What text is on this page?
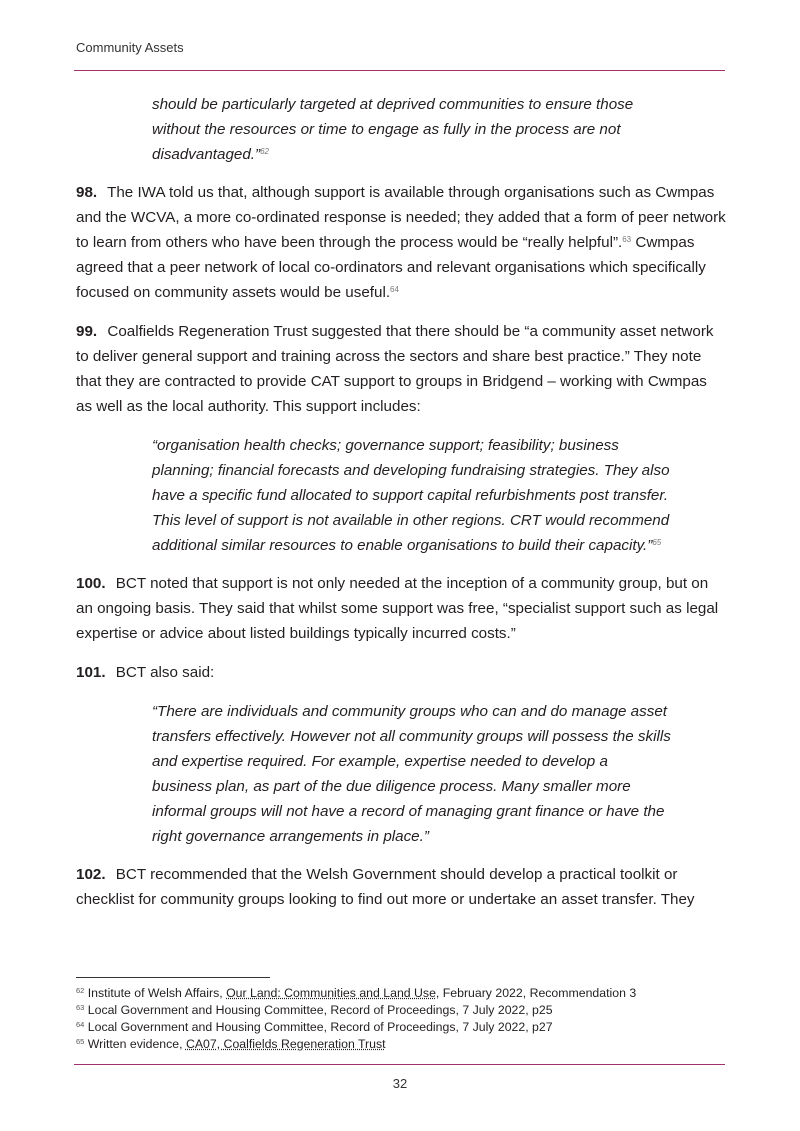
Community Assets

should be particularly targeted at deprived communities to ensure those without the resources or time to engage as fully in the process are not disadvantaged.”$^{62}$

98. The IWA told us that, although support is available through organisations such as Cwmpas and the WCVA, a more co-ordinated response is needed; they added that a form of peer network to learn from others who have been through the process would be “really helpful”.$^{63}$ Cwmpas agreed that a peer network of local co-ordinators and relevant organisations which specifically focused on community assets would be useful.$^{64}$

99. Coalfields Regeneration Trust suggested that there should be “a community asset network to deliver general support and training across the sectors and share best practice.” They note that they are contracted to provide CAT support to groups in Bridgend – working with Cwmpas as well as the local authority. This support includes:

“organisation health checks; governance support; feasibility; business planning; financial forecasts and developing fundraising strategies. They also have a specific fund allocated to support capital refurbishments post transfer. This level of support is not available in other regions. CRT would recommend additional similar resources to enable organisations to build their capacity.”$^{65}$

100. BCT noted that support is not only needed at the inception of a community group, but on an ongoing basis. They said that whilst some support was free, “specialist support such as legal expertise or advice about listed buildings typically incurred costs.”

101. BCT also said:

“There are individuals and community groups who can and do manage asset transfers effectively. However not all community groups will possess the skills and expertise required. For example, expertise needed to develop a business plan, as part of the due diligence process. Many smaller more informal groups will not have a record of managing grant finance or have the right governance arrangements in place.”

102. BCT recommended that the Welsh Government should develop a practical toolkit or checklist for community groups looking to find out more or undertake an asset transfer. They

$^{62}$ Institute of Welsh Affairs, Our Land: Communities and Land Use, February 2022, Recommendation 3

$^{63}$ Local Government and Housing Committee, Record of Proceedings, 7 July 2022, p25

$^{64}$ Local Government and Housing Committee, Record of Proceedings, 7 July 2022, p27

$^{65}$ Written evidence, CA07, Coalfields Regeneration Trust

32
